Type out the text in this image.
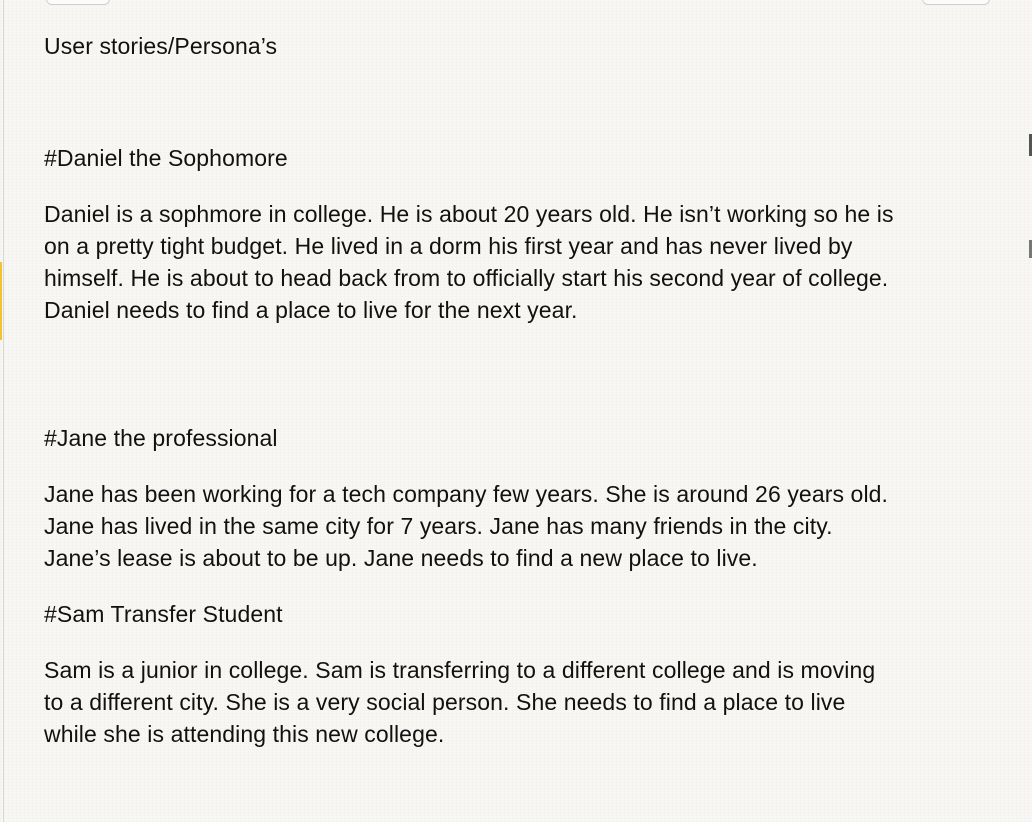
User stories/Persona’s

#Daniel the Sophomore

Daniel is a sophmore in college. He is about 20 years old. He isn’t working so he is
on a pretty tight budget. He lived in a dorm his first year and has never lived by
himself. He is about to head back from to officially start his second year of college.
Daniel needs to find a place to live for the next year.

#Jane the professional

Jane has been working for a tech company few years. She is around 26 years old.
Jane has lived in the same city for 7 years. Jane has many friends in the city.
Jane’s lease is about to be up. Jane needs to find a new place to live.

#Sam Transfer Student

Sam is a junior in college. Sam is transferring to a different college and is moving
to a different city. She is a very social person. She needs to find a place to live
while she is attending this new college.
